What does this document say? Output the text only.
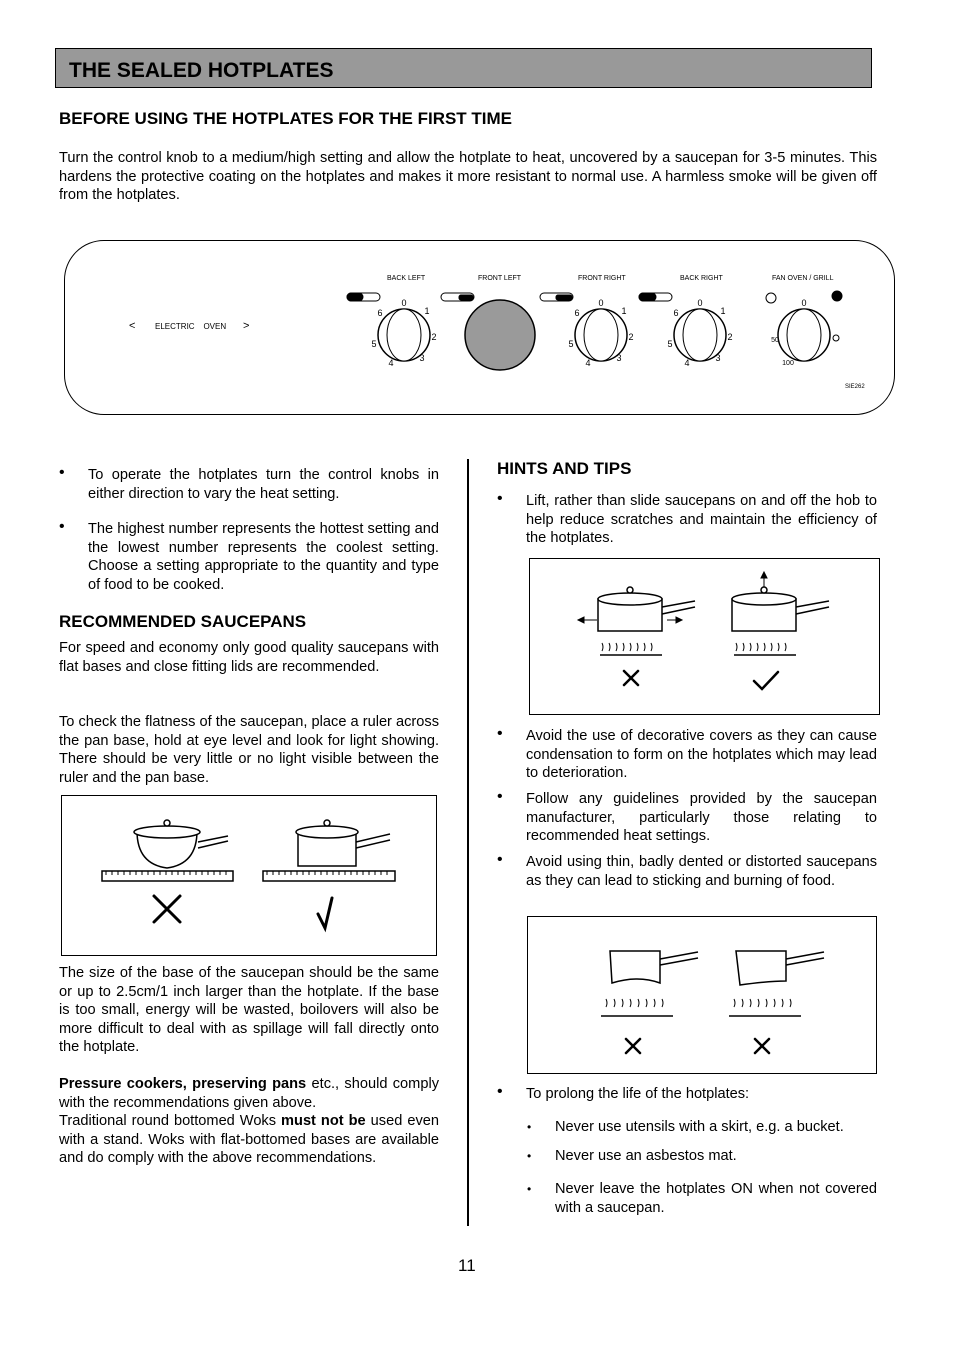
THE SEALED HOTPLATES
BEFORE USING THE HOTPLATES FOR THE FIRST TIME

Turn the control knob to a medium/high setting and allow the hotplate to heat, uncovered by a saucepan for 3-5 minutes. This hardens the protective coating on the hotplates and makes it more resistant to normal use. A harmless smoke will be given off from the hotplates.

< ELECTRIC    OVEN >
BACK LEFT	FRONT LEFT	FRONT RIGHT	BACK RIGHT	FAN OVEN / GRILL
SIE262
0
1
2
3
4
5
6
0
1
2
3
4
5
6
0
1
2
3
4
5
6
0
50
100
• To operate the hotplates turn the control knobs in either direction to vary the heat setting.
• The highest number represents the hottest setting and the lowest number represents the coolest setting. Choose a setting appropriate to the quantity and type of food to be cooked.
RECOMMENDED SAUCEPANS

For speed and economy only good quality saucepans with flat bases and close fitting lids are recommended.

To check the flatness of the saucepan, place a ruler across the pan base, hold at eye level and look for light showing. There should be very little or no light visible between the ruler and the pan base.

The size of the base of the saucepan should be the same or up to 2.5cm/1 inch larger than the hotplate. If the base is too small, energy will be wasted, boilovers will also be more difficult to deal with as spillage will fall directly onto the hotplate.

Pressure cookers, preserving pans etc., should comply with the recommendations given above.

Traditional round bottomed Woks must not be used even with a stand. Woks with flat-bottomed bases are available and do comply with the above recommendations.

HINTS AND TIPS
• Lift, rather than slide saucepans on and off the hob to help reduce scratches and maintain the efficiency of the hotplates.
• Avoid the use of decorative covers as they can cause condensation to form on the hotplates which may lead to deterioration.
• Follow any guidelines provided by the saucepan manufacturer, particularly those relating to recommended heat settings.
• Avoid using thin, badly dented or distorted saucepans as they can lead to sticking and burning of food.
• To prolong the life of the hotplates:
• Never use utensils with a skirt, e.g. a bucket.
• Never use an asbestos mat.
• Never leave the hotplates ON when not covered with a saucepan.
11
